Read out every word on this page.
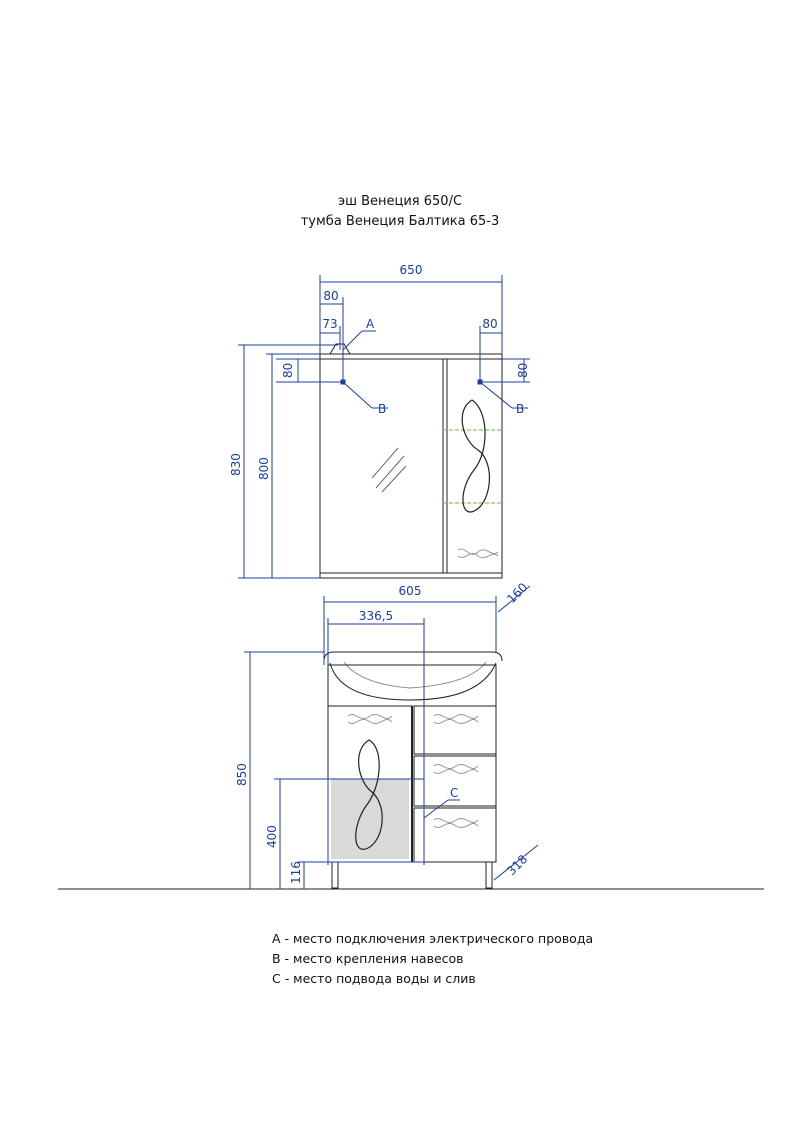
эш Венеция 650/С
тумба Венеция Балтика 65-3
650
80
73 A
B
80
B
80	80
830 800
605	160
336,5
850
400
116
C
318
A - место подключения электрического провода
B - место крепления навесов
C - место подвода воды и слив
